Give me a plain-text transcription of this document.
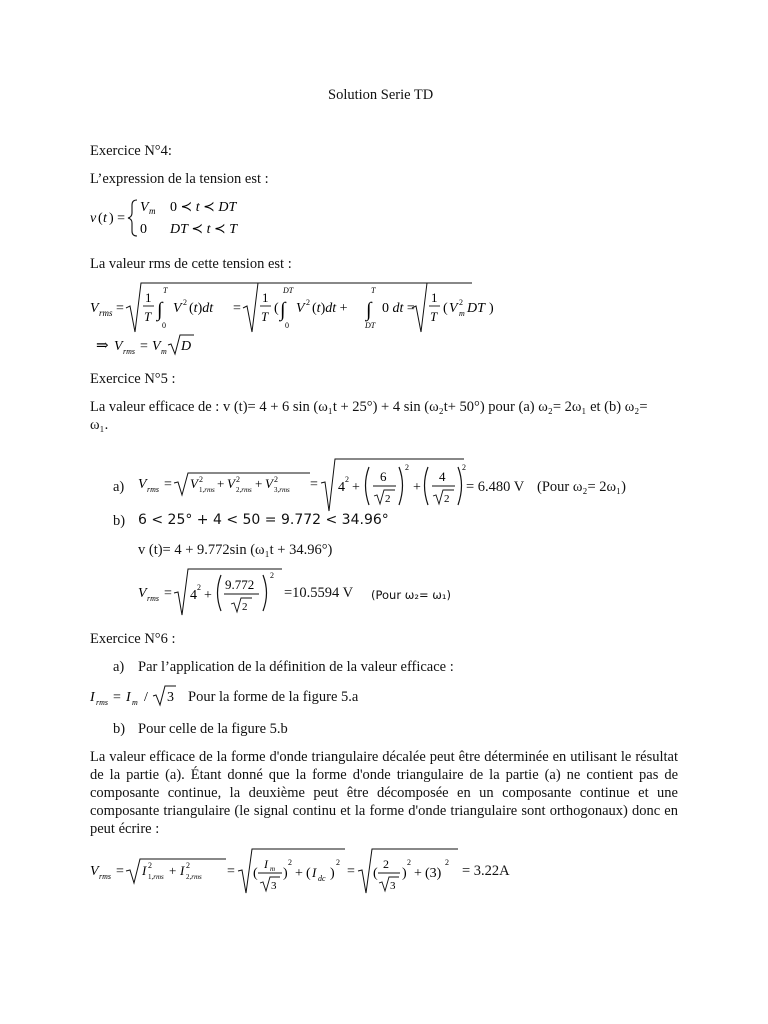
Solution Serie TD
Exercice N°4:
L’expression de la tension est :
v ( t ) =
V m 0 ≺ t ≺ DT
0 DT ≺ t ≺ T
La valeur rms de cette tension est :
V rms =
1
T ∫
T
0
V 2 (t)dt =
1
T
( ∫
DT
0
V 2 (t)dt + ∫
T
DT
0 dt =
1
T
( V 2
m DT )
⇒ V rms = V m D
Exercice N°5 :
La valeur efficace de : v (t)= 4 + 6 sin (ω₁t + 25°) + 4 sin (ω₂t+ 50°) pour (a) ω₂= 2ω₁ et (b) ω₂=
ω₁.
a) V rms = V 2
1,rms + V 2
2,rms + V 2
3,rms = 4
2
+
6
2
2
+
4
2
2
= 6.480 V (Pour ω₂= 2ω₁)
b) 6 < 25° + 4 < 50 = 9.772 < 34.96°
v (t)= 4 + 9.772sin (ω₁t + 34.96°)
V rms = 4
2
+
9.772
2
2
=10.5594 V (Pour ω₂= ω₁)
Exercice N°6 :
a) Par l’application de la définition de la valeur efficace :
I rms = I m / 3 Pour la forme de la figure 5.a
b) Pour celle de la figure 5.b
La valeur efficace de la forme d'onde triangulaire décalée peut être déterminée en utilisant le résultat de la partie (a). Étant donné que la forme d'onde triangulaire de la partie (a) ne contient pas de composante continue, la deuxième peut être décomposée en un composante continue et une composante triangulaire (le signal continu et la forme d'onde triangulaire sont orthogonaux) donc en peut écrire :
V rms = I 2
1,rms + I 2
2,rms = (
I m
3
)
2
+ ( I dc )
2
= (
2
3
)
2
+ (3)
2
= 3.22A
